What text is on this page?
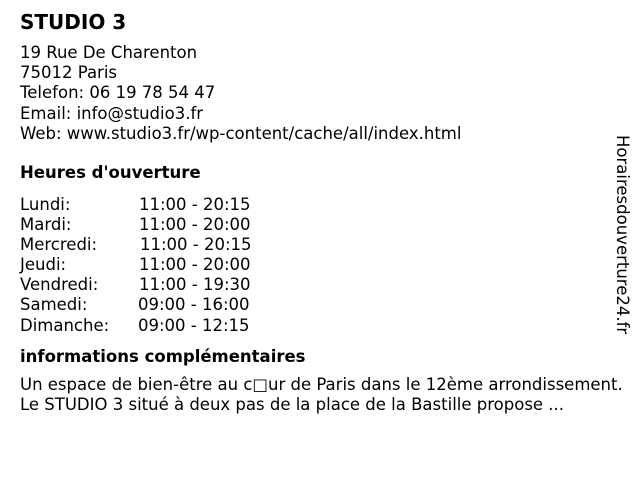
STUDIO 3
19 Rue De Charenton
75012 Paris
Telefon: 06 19 78 54 47
Email: info@studio3.fr
Web: www.studio3.fr/wp-content/cache/all/index.html
Heures d'ouverture
Lundi:	11:00 - 20:15
Mardi:	11:00 - 20:00
Mercredi:	11:00 - 20:15
Jeudi:	11:00 - 20:00
Vendredi: 11:00 - 19:30
Samedi:	09:00 - 16:00
Dimanche: 09:00 - 12:15
informations complémentaires
Un espace de bien-être au c□ur de Paris dans le 12ème arrondissement. Le STUDIO 3 situé à deux pas de la place de la Bastille propose ...
Horairesdouverture24.fr
